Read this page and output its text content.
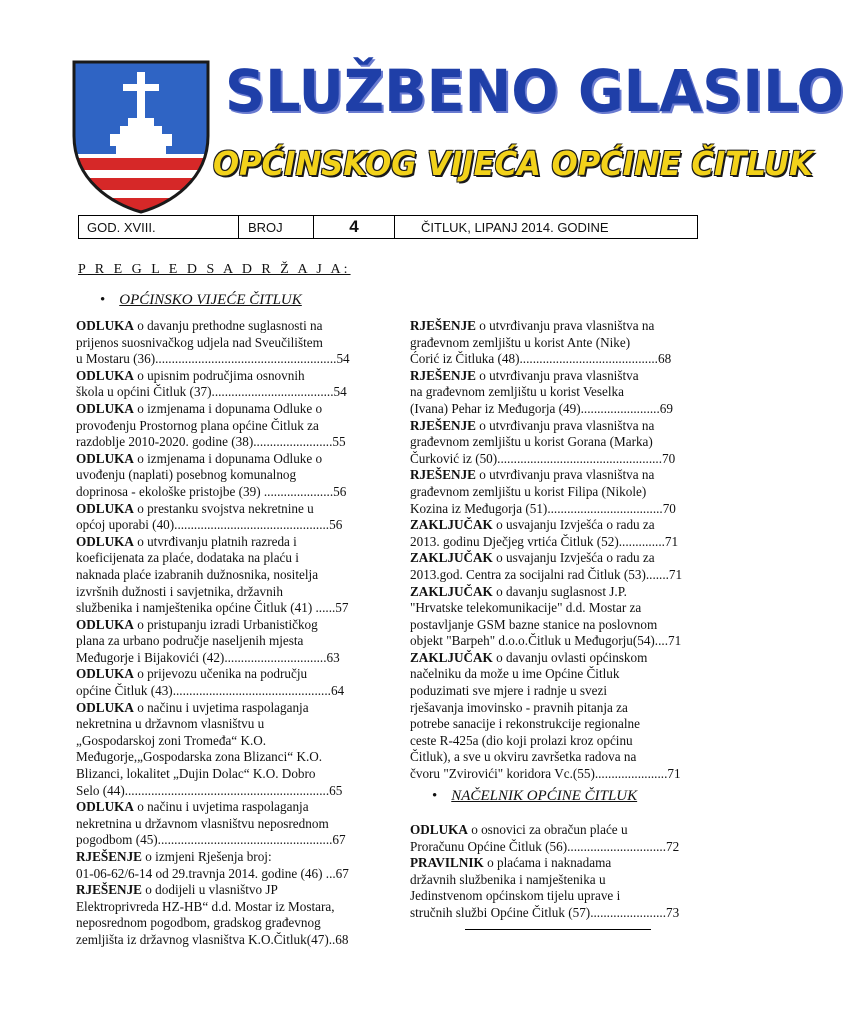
SLUŽBENO GLASILO
OPĆINSKOG VIJEĆA OPĆINE ČITLUK
GOD. XVIII.	BROJ	4	ČITLUK, LIPANJ 2014. GODINE
P R E G L E D S A D R Ž A J A:
• OPĆINSKO VIJEĆE ČITLUK
ODLUKA o davanju prethodne suglasnosti na
prijenos suosnivačkog udjela nad Sveučilištem
u Mostaru (36).......................................................54
ODLUKA o upisnim područjima osnovnih
škola u općini Čitluk (37).....................................54
ODLUKA o izmjenama i dopunama Odluke o
provođenju Prostornog plana općine Čitluk za
razdoblje 2010-2020. godine (38)........................55
ODLUKA o izmjenama i dopunama Odluke o
uvođenju (naplati) posebnog komunalnog
doprinosa - ekološke pristojbe (39) .....................56
ODLUKA o prestanku svojstva nekretnine u
općoj uporabi (40)...............................................56
ODLUKA o utvrđivanju platnih razreda i
koeficijenata za plaće, dodataka na plaću i
naknada plaće izabranih dužnosnika, nositelja
izvršnih dužnosti i savjetnika, državnih
službenika i namještenika općine Čitluk (41) ......57
ODLUKA o pristupanju izradi Urbanističkog
plana za urbano područje naseljenih mjesta
Međugorje i Bijakovići (42)...............................63
ODLUKA o prijevozu učenika na području
općine Čitluk (43)................................................64
ODLUKA o načinu i uvjetima raspolaganja
nekretnina u državnom vlasništvu u
„Gospodarskoj zoni Tromeđa“ K.O.
Međugorje,„Gospodarska zona Blizanci“ K.O.
Blizanci, lokalitet „Dujin Dolac“ K.O. Dobro
Selo (44)..............................................................65
ODLUKA o načinu i uvjetima raspolaganja
nekretnina u državnom vlasništvu neposrednom
pogodbom (45).....................................................67
RJEŠENJE o izmjeni Rješenja broj:
01-06-62/6-14 od 29.travnja 2014. godine (46) ...67
RJEŠENJE o dodijeli u vlasništvo JP
Elektroprivreda HZ-HB“ d.d. Mostar iz Mostara,
neposrednom pogodbom, gradskog građevnog
zemljišta iz državnog vlasništva K.O.Čitluk(47)..68
RJEŠENJE o utvrđivanju prava vlasništva na
građevnom zemljištu u korist Ante (Nike)
Ćorić iz Čitluka (48)..........................................68
RJEŠENJE o utvrđivanju prava vlasništva
na građevnom zemljištu u korist Veselka
(Ivana) Pehar iz Međugorja (49)........................69
RJEŠENJE o utvrđivanju prava vlasništva na
građevnom zemljištu u korist Gorana (Marka)
Čurković iz (50)..................................................70
RJEŠENJE o utvrđivanju prava vlasništva na
građevnom zemljištu u korist Filipa (Nikole)
Kozina iz Međugorja (51)...................................70
ZAKLJUČAK o usvajanju Izvješća o radu za
2013. godinu Dječjeg vrtića Čitluk (52)..............71
ZAKLJUČAK o usvajanju Izvješća o radu za
2013.god. Centra za socijalni rad Čitluk (53).......71
ZAKLJUČAK o davanju suglasnost J.P.
"Hrvatske telekomunikacije" d.d. Mostar za
postavljanje GSM bazne stanice na poslovnom
objekt "Barpeh" d.o.o.Čitluk u Međugorju(54)....71
ZAKLJUČAK o davanju ovlasti općinskom
načelniku da može u ime Općine Čitluk
poduzimati sve mjere i radnje u svezi
rješavanja imovinsko - pravnih pitanja za
potrebe sanacije i rekonstrukcije regionalne
ceste R-425a (dio koji prolazi kroz općinu
Čitluk), a sve u okviru završetka radova na
čvoru "Zvirovići" koridora Vc.(55)......................71
• NAČELNIK OPĆINE ČITLUK
ODLUKA o osnovici za obračun plaće u
Proračunu Općine Čitluk (56)..............................72
PRAVILNIK o plaćama i naknadama
državnih službenika i namještenika u
Jedinstvenom općinskom tijelu uprave i
stručnih službi Općine Čitluk (57).......................73
